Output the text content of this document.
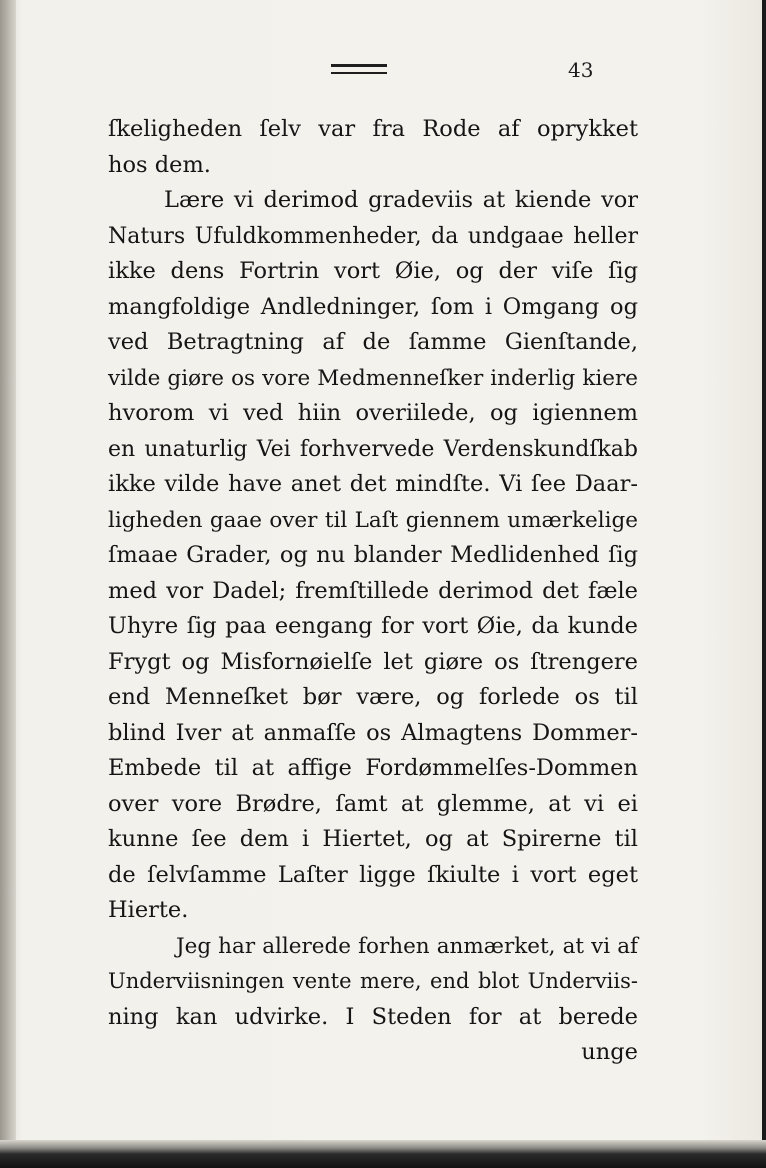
43
ſkeligheden ſelv var fra Rode af oprykket
hos dem.
Lære vi derimod gradeviis at kiende vor
Naturs Ufuldkommenheder, da undgaae heller
ikke dens Fortrin vort Øie, og der viſe ſig
mangfoldige Andledninger, ſom i Omgang og
ved Betragtning af de ſamme Gienſtande,
vilde giøre os vore Medmenneſker inderlig kiere
hvorom vi ved hiin overiilede, og igiennem
en unaturlig Vei forhvervede Verdenskundſkab
ikke vilde have anet det mindſte. Vi ſee Daar-
ligheden gaae over til Laſt giennem umærkelige
ſmaae Grader, og nu blander Medlidenhed ſig
med vor Dadel; fremſtillede derimod det fæle
Uhyre ſig paa eengang for vort Øie, da kunde
Frygt og Misfornøielſe let giøre os ſtrengere
end Menneſket bør være, og forlede os til
blind Iver at anmaſſe os Almagtens Dommer-
Embede til at affige Fordømmelſes-Dommen
over vore Brødre, ſamt at glemme, at vi ei
kunne ſee dem i Hiertet, og at Spirerne til
de ſelvſamme Laſter ligge ſkiulte i vort eget
Hierte.
Jeg har allerede forhen anmærket, at vi af
Underviisningen vente mere, end blot Underviis-
ning kan udvirke. I Steden for at berede
unge
